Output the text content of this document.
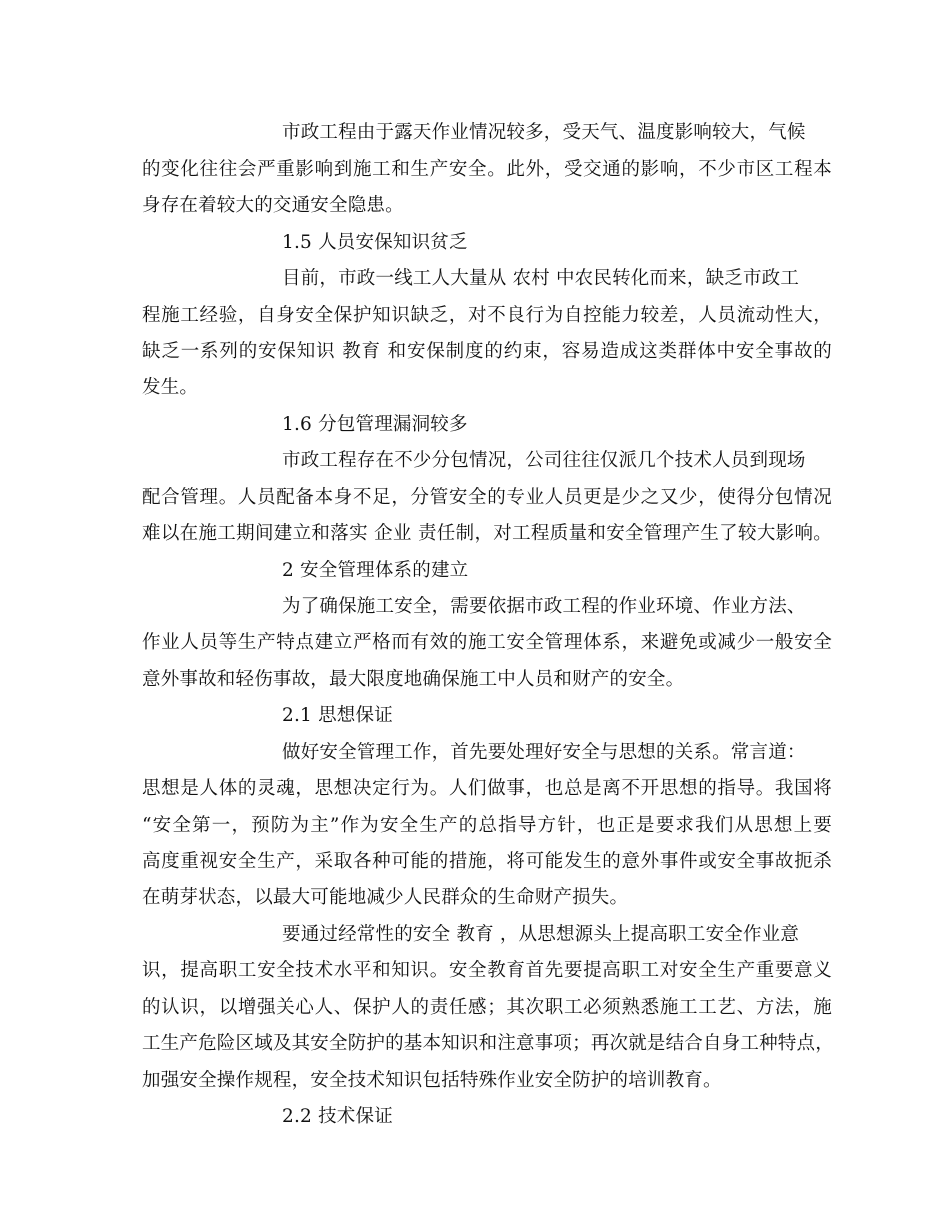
市政工程由于露天作业情况较多，受天气、温度影响较大，气候
的变化往往会严重影响到施工和生产安全。此外，受交通的影响，不少市区工程本
身存在着较大的交通安全隐患。
1.5 人员安保知识贫乏
目前，市政一线工人大量从 农村 中农民转化而来，缺乏市政工
程施工经验，自身安全保护知识缺乏，对不良行为自控能力较差，人员流动性大，
缺乏一系列的安保知识 教育 和安保制度的约束，容易造成这类群体中安全事故的
发生。
1.6 分包管理漏洞较多
市政工程存在不少分包情况，公司往往仅派几个技术人员到现场
配合管理。人员配备本身不足，分管安全的专业人员更是少之又少，使得分包情况
难以在施工期间建立和落实 企业 责任制，对工程质量和安全管理产生了较大影响。
2 安全管理体系的建立
为了确保施工安全，需要依据市政工程的作业环境、作业方法、
作业人员等生产特点建立严格而有效的施工安全管理体系，来避免或减少一般安全
意外事故和轻伤事故，最大限度地确保施工中人员和财产的安全。
2.1 思想保证
做好安全管理工作，首先要处理好安全与思想的关系。常言道：
思想是人体的灵魂，思想决定行为。人们做事，也总是离不开思想的指导。我国将
“安全第一，预防为主”作为安全生产的总指导方针，也正是要求我们从思想上要
高度重视安全生产，采取各种可能的措施，将可能发生的意外事件或安全事故扼杀
在萌芽状态，以最大可能地减少人民群众的生命财产损失。
要通过经常性的安全 教育 ，从思想源头上提高职工安全作业意
识，提高职工安全技术水平和知识。安全教育首先要提高职工对安全生产重要意义
的认识，以增强关心人、保护人的责任感；其次职工必须熟悉施工工艺、方法，施
工生产危险区域及其安全防护的基本知识和注意事项；再次就是结合自身工种特点，
加强安全操作规程，安全技术知识包括特殊作业安全防护的培训教育。
2.2 技术保证
